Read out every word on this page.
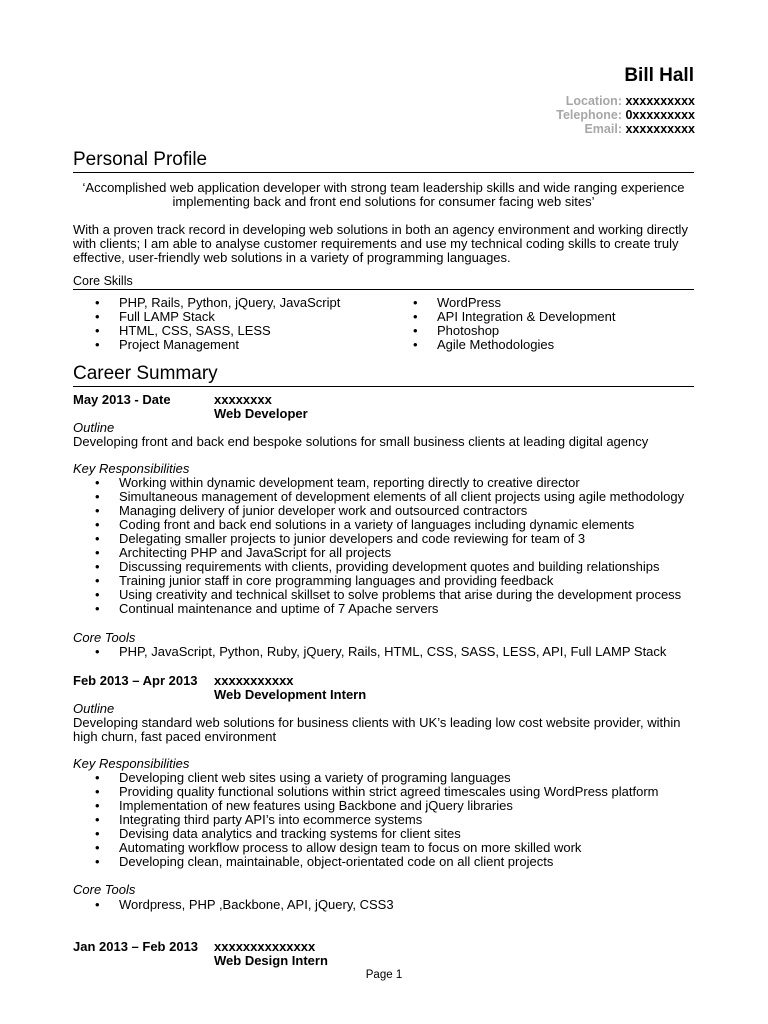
Bill Hall
Location: xxxxxxxxxx
Telephone: 0xxxxxxxxx
Email: xxxxxxxxxx
Personal Profile
‘Accomplished web application developer with strong team leadership skills and wide ranging experience
implementing back and front end solutions for consumer facing web sites’
With a proven track record in developing web solutions in both an agency environment and working directly
with clients; I am able to analyse customer requirements and use my technical coding skills to create truly
effective, user-friendly web solutions in a variety of programming languages.
Core Skills
• PHP, Rails, Python, jQuery, JavaScript
• Full LAMP Stack
• HTML, CSS, SASS, LESS
• Project Management
• WordPress
• API Integration & Development
• Photoshop
• Agile Methodologies
Career Summary
May 2013 - Date	xxxxxxxx
Web Developer
Outline
Developing front and back end bespoke solutions for small business clients at leading digital agency
Key Responsibilities
• Working within dynamic development team, reporting directly to creative director
• Simultaneous management of development elements of all client projects using agile methodology
• Managing delivery of junior developer work and outsourced contractors
• Coding front and back end solutions in a variety of languages including dynamic elements
• Delegating smaller projects to junior developers and code reviewing for team of 3
• Architecting PHP and JavaScript for all projects
• Discussing requirements with clients, providing development quotes and building relationships
• Training junior staff in core programming languages and providing feedback
• Using creativity and technical skillset to solve problems that arise during the development process
• Continual maintenance and uptime of 7 Apache servers
Core Tools
• PHP, JavaScript, Python, Ruby, jQuery, Rails, HTML, CSS, SASS, LESS, API, Full LAMP Stack
Feb 2013 – Apr 2013 xxxxxxxxxxx
Web Development Intern
Outline
Developing standard web solutions for business clients with UK’s leading low cost website provider, within
high churn, fast paced environment
Key Responsibilities
• Developing client web sites using a variety of programing languages
• Providing quality functional solutions within strict agreed timescales using WordPress platform
• Implementation of new features using Backbone and jQuery libraries
• Integrating third party API’s into ecommerce systems
• Devising data analytics and tracking systems for client sites
• Automating workflow process to allow design team to focus on more skilled work
• Developing clean, maintainable, object-orientated code on all client projects
Core Tools
• Wordpress, PHP ,Backbone, API, jQuery, CSS3
Jan 2013 – Feb 2013 xxxxxxxxxxxxxx
Web Design Intern
Page 1
